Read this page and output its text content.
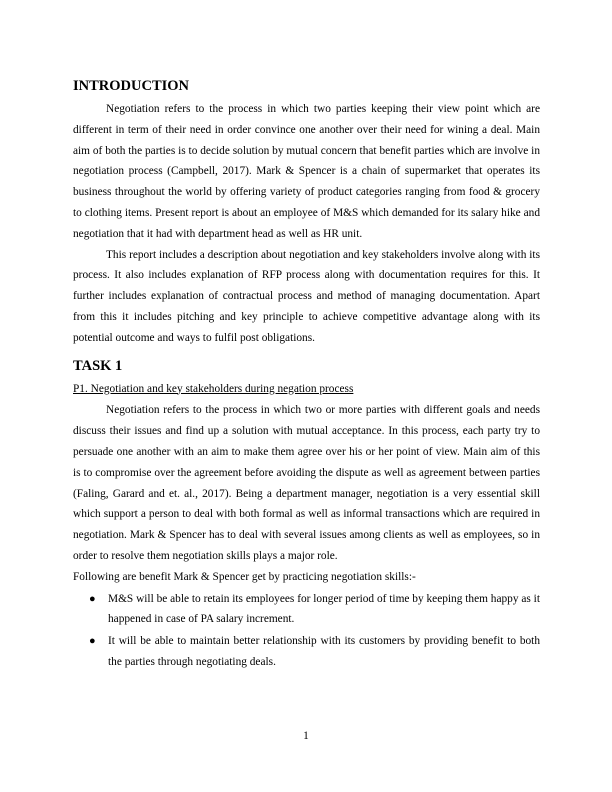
INTRODUCTION

Negotiation refers to the process in which two parties keeping their view point which are different in term of their need in order convince one another over their need for wining a deal. Main aim of both the parties is to decide solution by mutual concern that benefit parties which are involve in negotiation process (Campbell, 2017). Mark & Spencer is a chain of supermarket that operates its business throughout the world by offering variety of product categories ranging from food & grocery to clothing items. Present report is about an employee of M&S which demanded for its salary hike and negotiation that it had with department head as well as HR unit.

This report includes a description about negotiation and key stakeholders involve along with its process. It also includes explanation of RFP process along with documentation requires for this. It further includes explanation of contractual process and method of managing documentation. Apart from this it includes pitching and key principle to achieve competitive advantage along with its potential outcome and ways to fulfil post obligations.

TASK 1

P1. Negotiation and key stakeholders during negation process

Negotiation refers to the process in which two or more parties with different goals and needs discuss their issues and find up a solution with mutual acceptance. In this process, each party try to persuade one another with an aim to make them agree over his or her point of view. Main aim of this is to compromise over the agreement before avoiding the dispute as well as agreement between parties (Faling, Garard and et. al., 2017). Being a department manager, negotiation is a very essential skill which support a person to deal with both formal as well as informal transactions which are required in negotiation. Mark & Spencer has to deal with several issues among clients as well as employees, so in order to resolve them negotiation skills plays a major role.

Following are benefit Mark & Spencer get by practicing negotiation skills:-

● M&S will be able to retain its employees for longer period of time by keeping them happy as it happened in case of PA salary increment.
● It will be able to maintain better relationship with its customers by providing benefit to both the parties through negotiating deals.
1
